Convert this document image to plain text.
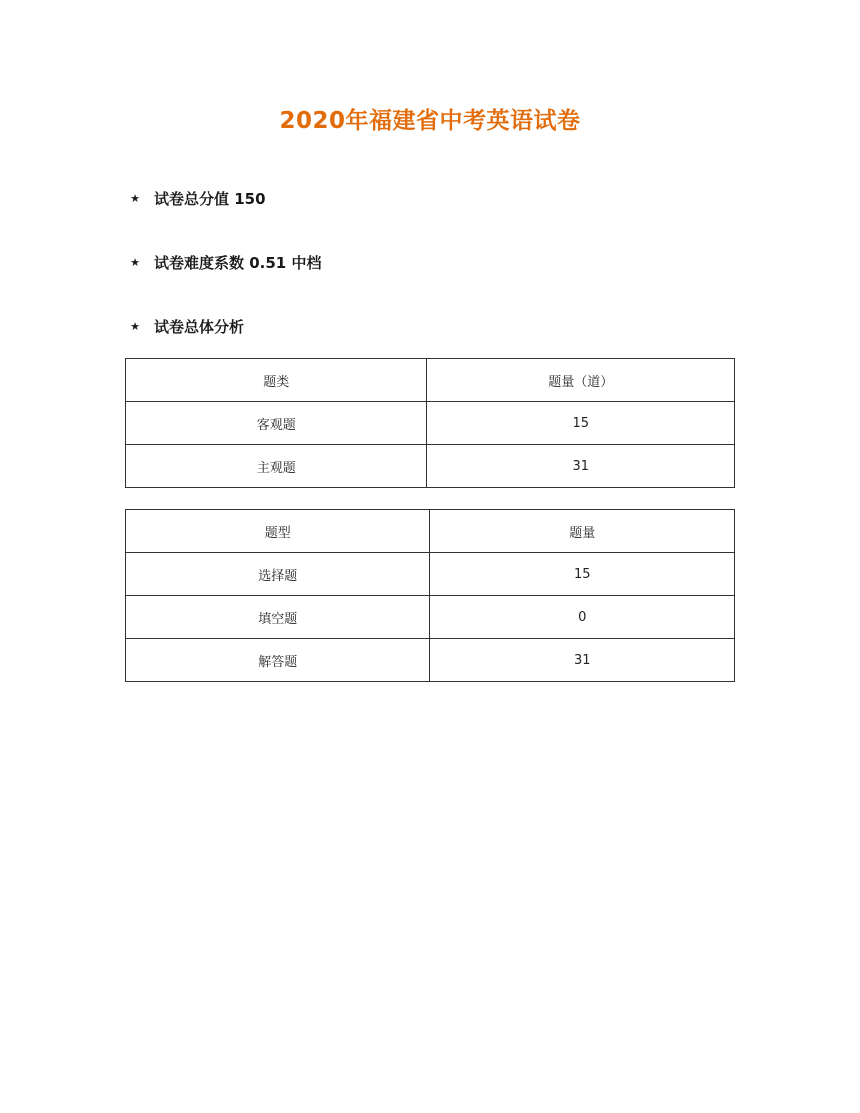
2020年福建省中考英语试卷
★ 试卷总分值 150
★ 试卷难度系数 0.51 中档
★ 试卷总体分析
题类	题量（道）
客观题	15
主观题	31
题型	题量
选择题	15
填空题	0
解答题	31
